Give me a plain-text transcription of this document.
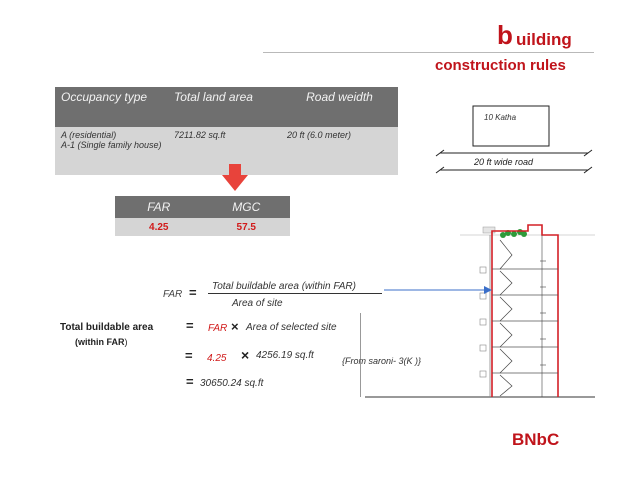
b uilding
construction rules
Occupancy type	Total land area	Road weidth
A (residential)
A-1 (Single family house)	7211.82 sq.ft	20 ft (6.0 meter)
FAR	MGC
4.25	57.5
FAR = Total buildable area (within FAR)
Area of site
Total buildable area	= FAR × Area of selected site
(within FAR)
= 4.25 × 4256.19 sq.ft	{From saroni- 3(K )}
= 30650.24 sq.ft
10 Katha
20 ft wide road
BNbC
